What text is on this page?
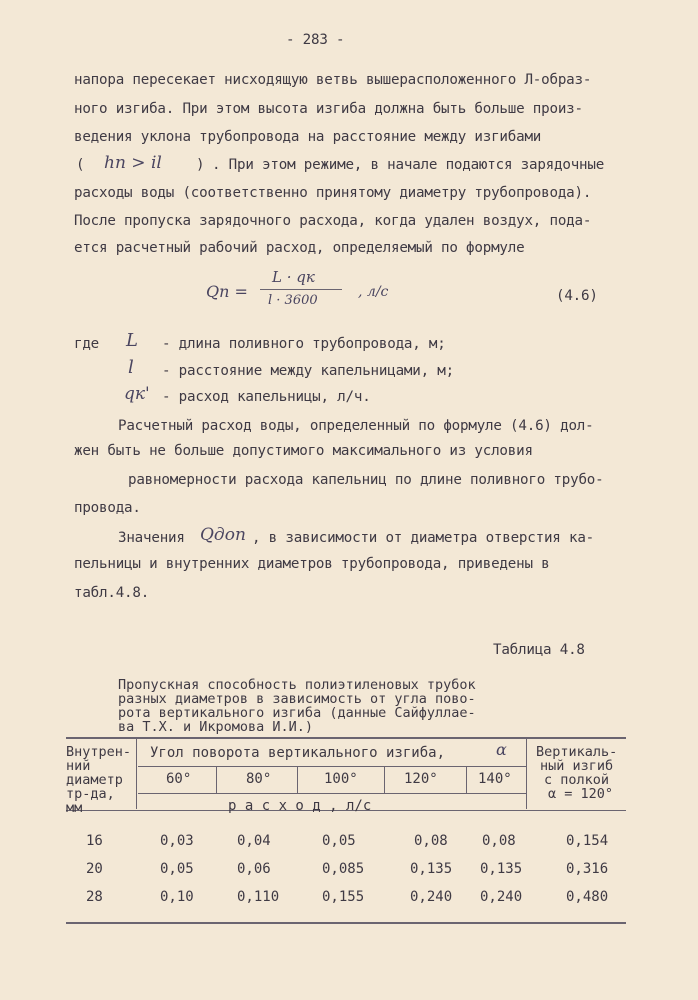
- 283 -
напора пересекает нисходящую ветвь вышерасположенного Л-образ-
ного изгиба. При этом высота изгиба должна быть больше произ-
ведения уклона трубопровода на расстояние между изгибами
( hn > il ) . При этом режиме, в начале подаются зарядочные
расходы воды (соответственно принятому диаметру трубопровода).
После пропуска зарядочного расхода, когда удален воздух, пода-
ется расчетный рабочий расход, определяемый по формуле
Qп =
L · qк
l · 3600
, л/с	(4.6)
где L - длина поливного трубопровода, м;
l - расстояние между капельницами, м;
qк' - расход капельницы, л/ч.
Расчетный расход воды, определенный по формуле (4.6) дол-
жен быть не больше допустимого максимального из условия
равномерности расхода капельниц по длине поливного трубо-
провода.
Значения Qдоп , в зависимости от диаметра отверстия ка-
пельницы и внутренних диаметров трубопровода, приведены в
табл.4.8.
Таблица 4.8
Пропускная способность полиэтиленовых трубок
разных диаметров в зависимость от угла пово-
рота вертикального изгиба (данные Сайфуллае-
ва Т.Х. и Икромова И.И.)
Внутрен-
ний
диаметр
тр-да,
мм
Угол поворота вертикального изгиба,	α
60°	80°	100°	120°	140°
Вертикаль-
ный изгиб
с полкой
α = 120°
р а с х о д , л/с
16	0,03	0,04	0,05	0,08 0,08	0,154
20	0,05	0,06	0,085	0,135 0,135	0,316
28	0,10	0,110	0,155	0,240 0,240	0,480
